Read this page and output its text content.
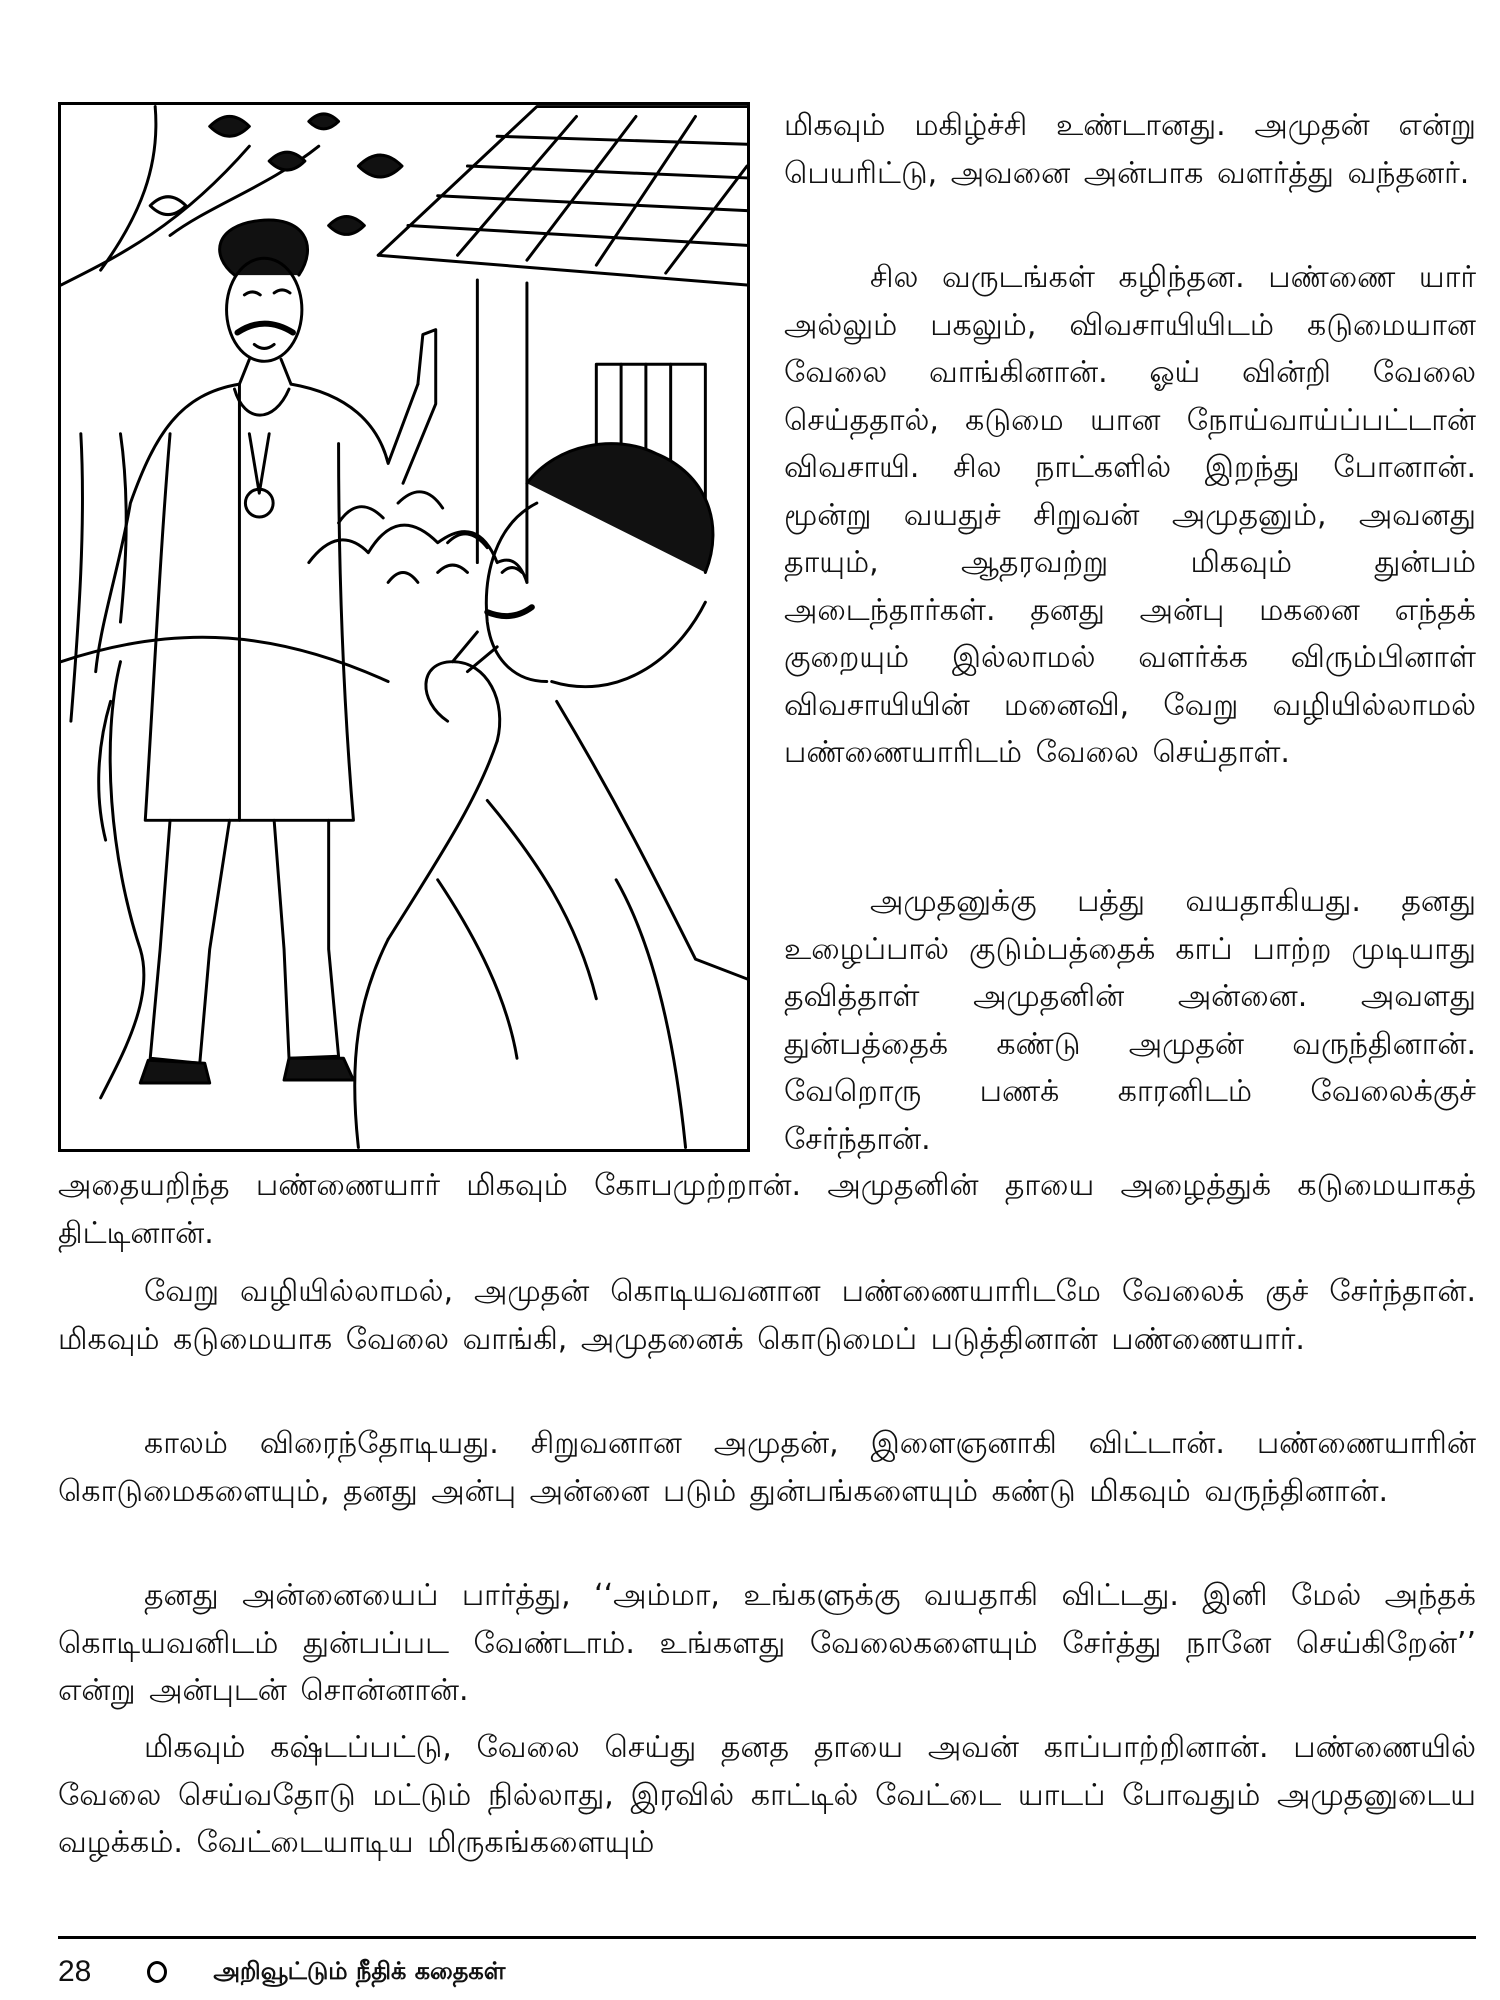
மிகவும் மகிழ்ச்சி உண்டானது. அமுதன் என்று பெயரிட்டு, அவனை அன்பாக வளர்த்து வந்தனர்.

சில வருடங்கள் கழிந்தன. பண்ணை யார் அல்லும் பகலும், விவசாயியிடம் கடுமையான வேலை வாங்கினான். ஓய் வின்றி வேலை செய்ததால், கடுமை யான நோய்வாய்ப்பட்டான் விவசாயி. சில நாட்களில் இறந்து போனான். மூன்று வயதுச் சிறுவன் அமுதனும், அவனது தாயும், ஆதரவற்று மிகவும் துன்பம் அடைந்தார்கள். தனது அன்பு மகனை எந்தக் குறையும் இல்லாமல் வளர்க்க விரும்பினாள் விவசாயியின் மனைவி, வேறு வழியில்லாமல் பண்ணையாரிடம் வேலை செய்தாள்.

அமுதனுக்கு பத்து வயதாகியது. தனது உழைப்பால் குடும்பத்தைக் காப் பாற்ற முடியாது தவித்தாள் அமுதனின் அன்னை. அவளது துன்பத்தைக் கண்டு அமுதன் வருந்தினான். வேறொரு பணக் காரனிடம் வேலைக்குச் சேர்ந்தான்.

அதையறிந்த பண்ணையார் மிகவும் கோபமுற்றான். அமுதனின் தாயை அழைத்துக் கடுமையாகத் திட்டினான்.

வேறு வழியில்லாமல், அமுதன் கொடியவனான பண்ணையாரிடமே வேலைக் குச் சேர்ந்தான். மிகவும் கடுமையாக வேலை வாங்கி, அமுதனைக் கொடுமைப் படுத்தினான் பண்ணையார்.

காலம் விரைந்தோடியது. சிறுவனான அமுதன், இளைஞனாகி விட்டான். பண்ணையாரின் கொடுமைகளையும், தனது அன்பு அன்னை படும் துன்பங்களையும் கண்டு மிகவும் வருந்தினான்.

தனது அன்னையைப் பார்த்து, ‘‘அம்மா, உங்களுக்கு வயதாகி விட்டது. இனி மேல் அந்தக் கொடியவனிடம் துன்பப்பட வேண்டாம். உங்களது வேலைகளையும் சேர்த்து நானே செய்கிறேன்’’ என்று அன்புடன் சொன்னான்.

மிகவும் கஷ்டப்பட்டு, வேலை செய்து தனத தாயை அவன் காப்பாற்றினான். பண்ணையில் வேலை செய்வதோடு மட்டும் நில்லாது, இரவில் காட்டில் வேட்டை யாடப் போவதும் அமுதனுடைய வழக்கம். வேட்டையாடிய மிருகங்களையும்

28	அறிவூட்டும் நீதிக் கதைகள்
